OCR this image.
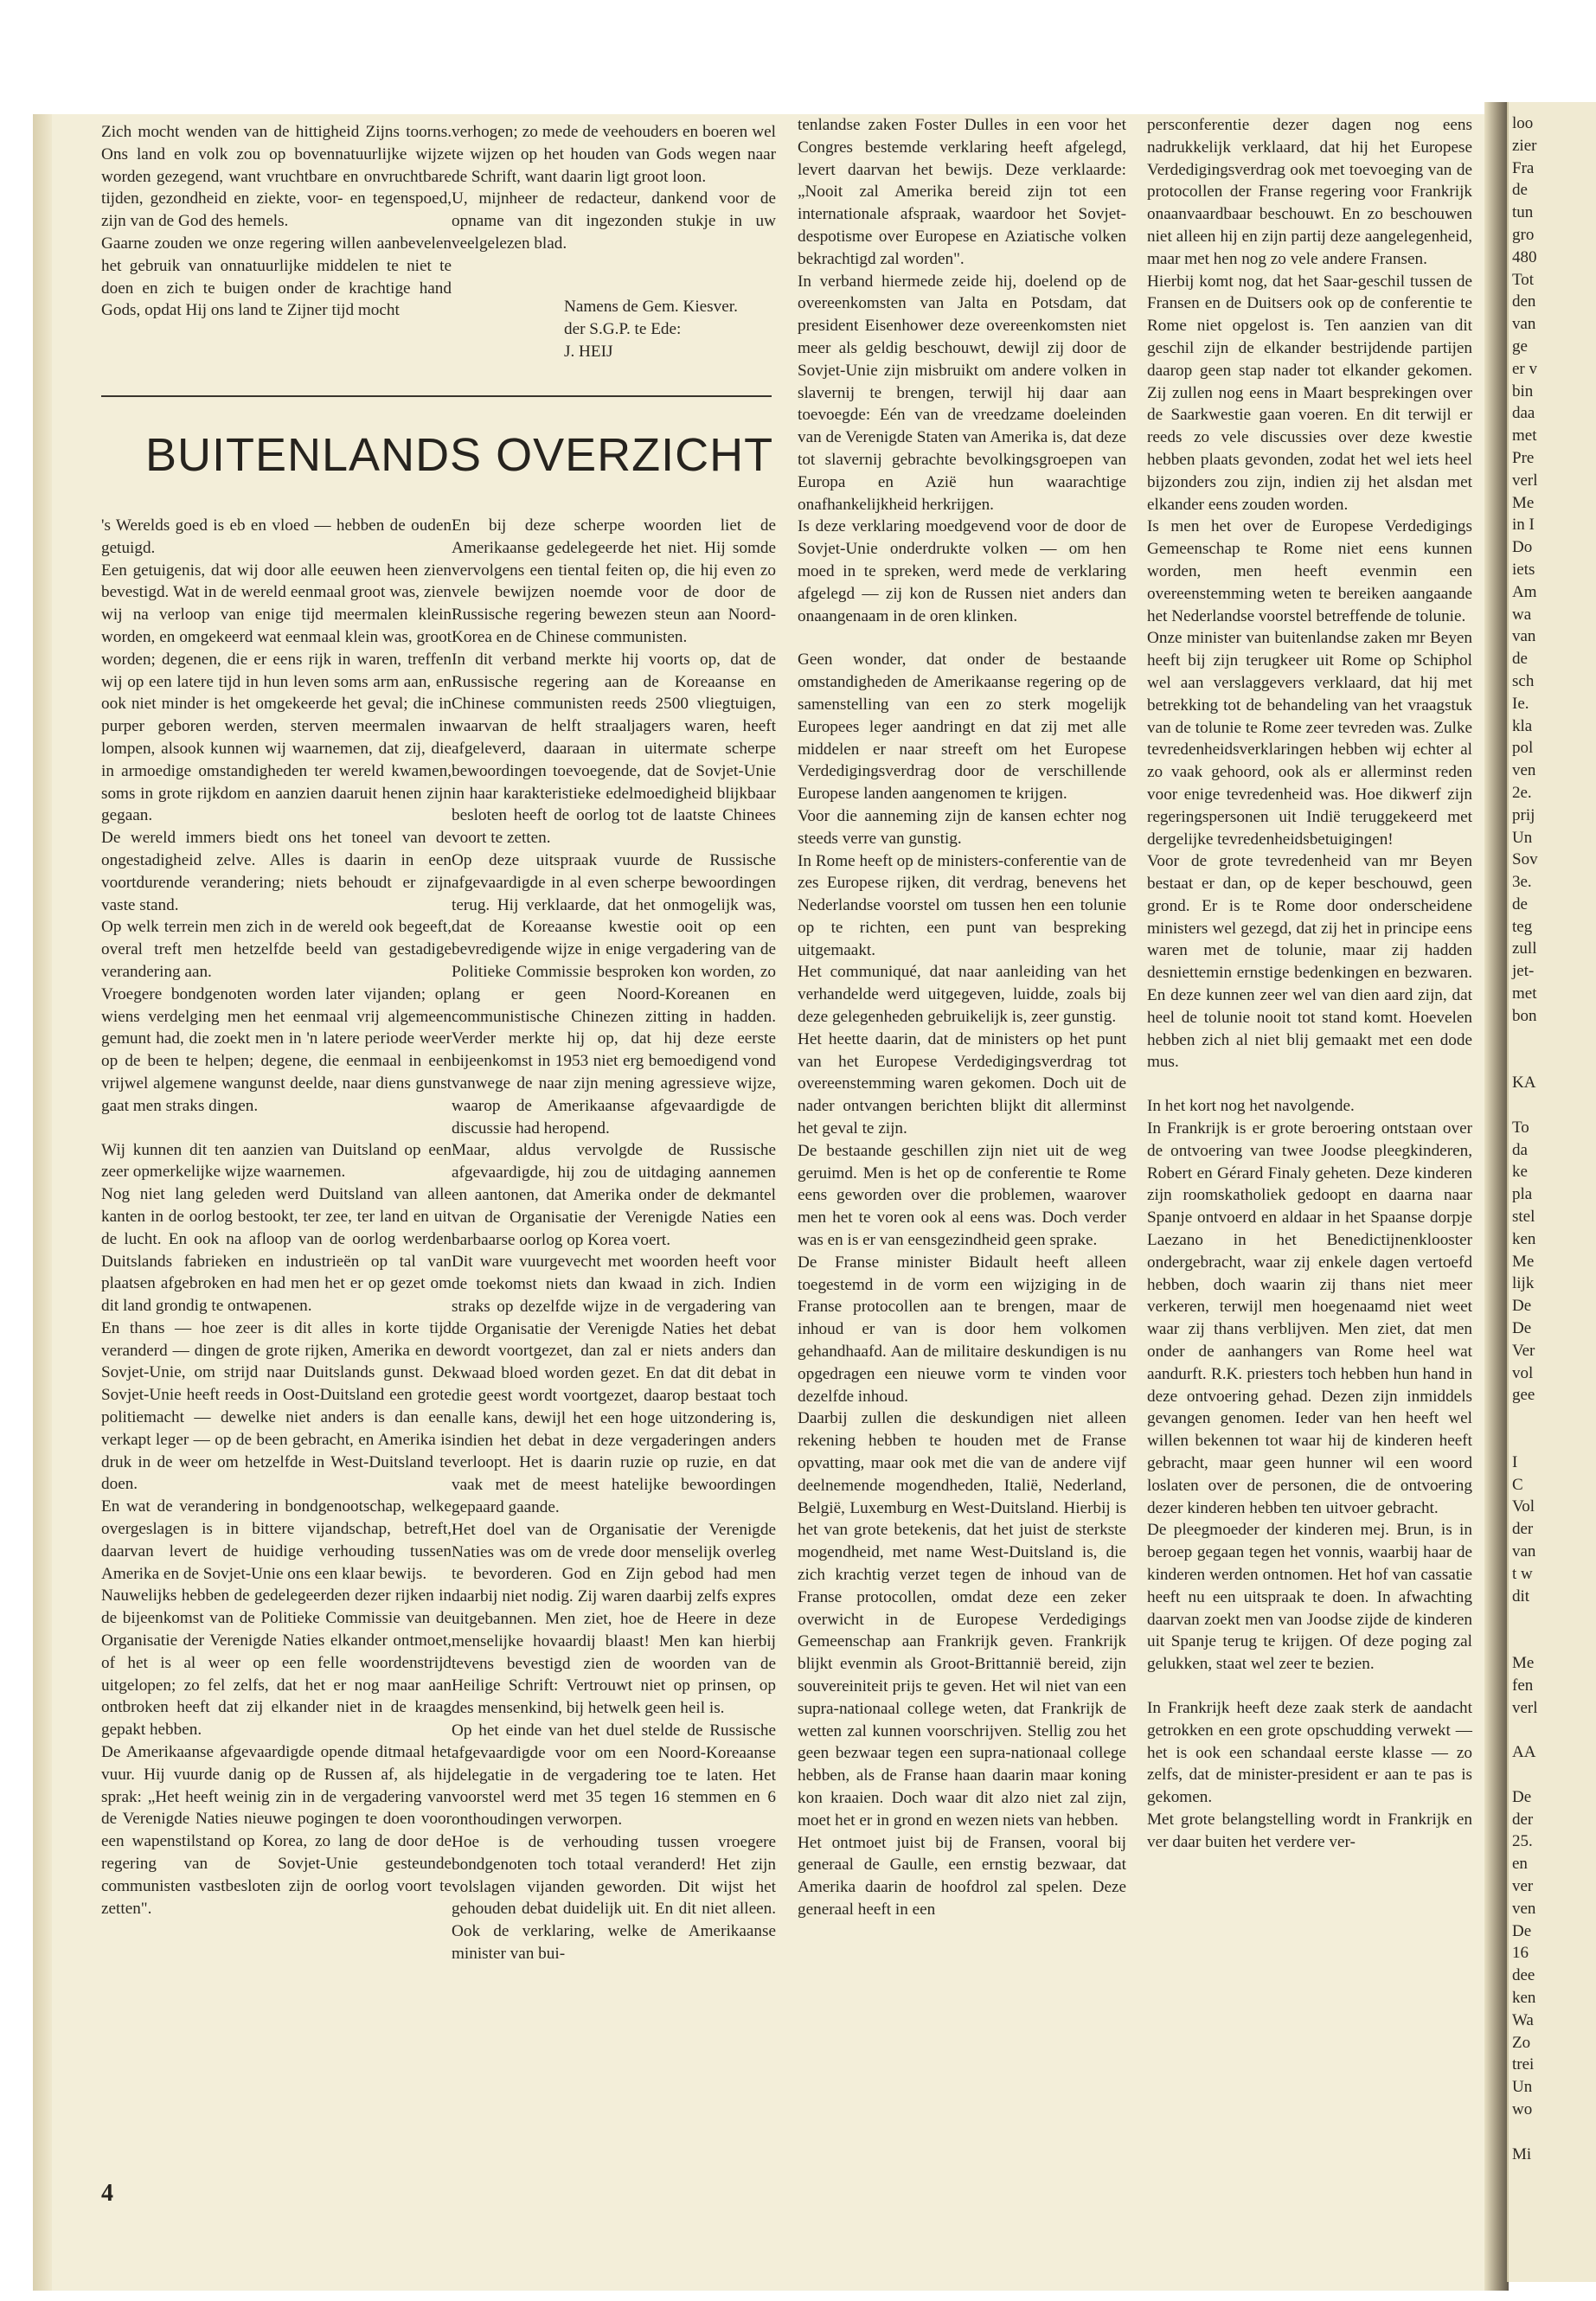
loo
zier
Fra
de
tun
gro
480
Tot
den
van
ge
er v
bin
daa
met
Pre
verl
Me
in I
Do
iets
Am
wa
van
de
sch
Ie.
kla
pol
ven
2e.
prij
Un
Sov
3e.
de
teg
zull
jet-
met
bon

KA

To
da
ke
pla
stel
ken
Me
lijk
De
De
Ver
vol
gee

I
C
Vol
der
van
t w
dit

Me
fen
verl

AA

De
der
25.
en
ver
ven
De
16
dee
ken
Wa
Zo
trei
Un
wo

Mi

Zich mocht wenden van de hittigheid Zijns toorns. Ons land en volk zou op bovennatuurlijke wijze worden gezegend, want vruchtbare en onvruchtbare tijden, gezondheid en ziekte, voor- en tegenspoed, zijn van de God des hemels.

Gaarne zouden we onze regering willen aanbevelen het gebruik van onnatuurlijke middelen te niet te doen en zich te buigen onder de krachtige hand Gods, opdat Hij ons land te Zijner tijd mocht

verhogen; zo mede de veehouders en boeren wel te wijzen op het houden van Gods wegen naar de Schrift, want daarin ligt groot loon.

U, mijnheer de redacteur, dankend voor de opname van dit ingezonden stukje in uw veelgelezen blad.

Namens de Gem. Kiesver.
der S.G.P. te Ede:
J. HEIJ
BUITENLANDS OVERZICHT

's Werelds goed is eb en vloed — hebben de ouden getuigd.

Een getuigenis, dat wij door alle eeuwen heen zien bevestigd. Wat in de wereld eenmaal groot was, zien wij na verloop van enige tijd meermalen klein worden, en omgekeerd wat eenmaal klein was, groot worden; degenen, die er eens rijk in waren, treffen wij op een latere tijd in hun leven soms arm aan, en ook niet minder is het omgekeerde het geval; die in purper geboren werden, sterven meermalen in lompen, alsook kunnen wij waarnemen, dat zij, die in armoedige omstandigheden ter wereld kwamen, soms in grote rijkdom en aanzien daaruit henen zijn gegaan.

De wereld immers biedt ons het toneel van de ongestadigheid zelve. Alles is daarin in een voortdurende verandering; niets behoudt er zijn vaste stand.

Op welk terrein men zich in de wereld ook begeeft, overal treft men hetzelfde beeld van gestadige verandering aan.

Vroegere bondgenoten worden later vijanden; op wiens verdelging men het eenmaal vrij algemeen gemunt had, die zoekt men in 'n latere periode weer op de been te helpen; degene, die eenmaal in een vrijwel algemene wangunst deelde, naar diens gunst gaat men straks dingen.

Wij kunnen dit ten aanzien van Duitsland op een zeer opmerkelijke wijze waarnemen.

Nog niet lang geleden werd Duitsland van alle kanten in de oorlog bestookt, ter zee, ter land en uit de lucht. En ook na afloop van de oorlog werden Duitslands fabrieken en industrieën op tal van plaatsen afgebroken en had men het er op gezet om dit land grondig te ontwapenen.

En thans — hoe zeer is dit alles in korte tijd veranderd — dingen de grote rijken, Amerika en de Sovjet-Unie, om strijd naar Duitslands gunst. De Sovjet-Unie heeft reeds in Oost-Duitsland een grote politiemacht — dewelke niet anders is dan een verkapt leger — op de been gebracht, en Amerika is druk in de weer om hetzelfde in West-Duitsland te doen.

En wat de verandering in bondgenootschap, welke overgeslagen is in bittere vijandschap, betreft, daarvan levert de huidige verhouding tussen Amerika en de Sovjet-Unie ons een klaar bewijs.

Nauwelijks hebben de gedelegeerden dezer rijken in de bijeenkomst van de Politieke Commissie van de Organisatie der Verenigde Naties elkander ontmoet, of het is al weer op een felle woordenstrijd uitgelopen; zo fel zelfs, dat het er nog maar aan ontbroken heeft dat zij elkander niet in de kraag gepakt hebben.

De Amerikaanse afgevaardigde opende ditmaal het vuur. Hij vuurde danig op de Russen af, als hij sprak: „Het heeft weinig zin in de vergadering van de Verenigde Naties nieuwe pogingen te doen voor een wapenstilstand op Korea, zo lang de door de regering van de Sovjet-Unie gesteunde communisten vastbesloten zijn de oorlog voort te zetten".

En bij deze scherpe woorden liet de Amerikaanse gedelegeerde het niet. Hij somde vervolgens een tiental feiten op, die hij even zo vele bewijzen noemde voor de door de Russische regering bewezen steun aan Noord-Korea en de Chinese communisten.

In dit verband merkte hij voorts op, dat de Russische regering aan de Koreaanse en Chinese communisten reeds 2500 vliegtuigen, waarvan de helft straaljagers waren, heeft afgeleverd, daaraan in uitermate scherpe bewoordingen toevoegende, dat de Sovjet-Unie in haar karakteristieke edelmoedigheid blijkbaar besloten heeft de oorlog tot de laatste Chinees voort te zetten.

Op deze uitspraak vuurde de Russische afgevaardigde in al even scherpe bewoordingen terug. Hij verklaarde, dat het onmogelijk was, dat de Koreaanse kwestie ooit op een bevredigende wijze in enige vergadering van de Politieke Commissie besproken kon worden, zo lang er geen Noord-Koreanen en communistische Chinezen zitting in hadden. Verder merkte hij op, dat hij deze eerste bijeenkomst in 1953 niet erg bemoedigend vond vanwege de naar zijn mening agressieve wijze, waarop de Amerikaanse afgevaardigde de discussie had heropend.

Maar, aldus vervolgde de Russische afgevaardigde, hij zou de uitdaging aannemen en aantonen, dat Amerika onder de dekmantel van de Organisatie der Verenigde Naties een barbaarse oorlog op Korea voert.

Dit ware vuurgevecht met woorden heeft voor de toekomst niets dan kwaad in zich. Indien straks op dezelfde wijze in de vergadering van de Organisatie der Verenigde Naties het debat wordt voortgezet, dan zal er niets anders dan kwaad bloed worden gezet. En dat dit debat in die geest wordt voortgezet, daarop bestaat toch alle kans, dewijl het een hoge uitzondering is, indien het debat in deze vergaderingen anders verloopt. Het is daarin ruzie op ruzie, en dat vaak met de meest hatelijke bewoordingen gepaard gaande.

Het doel van de Organisatie der Verenigde Naties was om de vrede door menselijk overleg te bevorderen. God en Zijn gebod had men daarbij niet nodig. Zij waren daarbij zelfs expres uitgebannen. Men ziet, hoe de Heere in deze menselijke hovaardij blaast! Men kan hierbij tevens bevestigd zien de woorden van de Heilige Schrift: Vertrouwt niet op prinsen, op des mensenkind, bij hetwelk geen heil is.

Op het einde van het duel stelde de Russische afgevaardigde voor om een Noord-Koreaanse delegatie in de vergadering toe te laten. Het voorstel werd met 35 tegen 16 stemmen en 6 onthoudingen verworpen.

Hoe is de verhouding tussen vroegere bondgenoten toch totaal veranderd! Het zijn volslagen vijanden geworden. Dit wijst het gehouden debat duidelijk uit. En dit niet alleen. Ook de verklaring, welke de Amerikaanse minister van bui-

tenlandse zaken Foster Dulles in een voor het Congres bestemde verklaring heeft afgelegd, levert daarvan het bewijs. Deze verklaarde: „Nooit zal Amerika bereid zijn tot een internationale afspraak, waardoor het Sovjet-despotisme over Europese en Aziatische volken bekrachtigd zal worden".

In verband hiermede zeide hij, doelend op de overeenkomsten van Jalta en Potsdam, dat president Eisenhower deze overeenkomsten niet meer als geldig beschouwt, dewijl zij door de Sovjet-Unie zijn misbruikt om andere volken in slavernij te brengen, terwijl hij daar aan toevoegde: Eén van de vreedzame doeleinden van de Verenigde Staten van Amerika is, dat deze tot slavernij gebrachte bevolkingsgroepen van Europa en Azië hun waarachtige onafhankelijkheid herkrijgen.

Is deze verklaring moedgevend voor de door de Sovjet-Unie onderdrukte volken — om hen moed in te spreken, werd mede de verklaring afgelegd — zij kon de Russen niet anders dan onaangenaam in de oren klinken.

Geen wonder, dat onder de bestaande omstandigheden de Amerikaanse regering op de samenstelling van een zo sterk mogelijk Europees leger aandringt en dat zij met alle middelen er naar streeft om het Europese Verdedigingsverdrag door de verschillende Europese landen aangenomen te krijgen.

Voor die aanneming zijn de kansen echter nog steeds verre van gunstig.

In Rome heeft op de ministers-conferentie van de zes Europese rijken, dit verdrag, benevens het Nederlandse voorstel om tussen hen een tolunie op te richten, een punt van bespreking uitgemaakt.

Het communiqué, dat naar aanleiding van het verhandelde werd uitgegeven, luidde, zoals bij deze gelegenheden gebruikelijk is, zeer gunstig.

Het heette daarin, dat de ministers op het punt van het Europese Verdedigingsverdrag tot overeenstemming waren gekomen. Doch uit de nader ontvangen berichten blijkt dit allerminst het geval te zijn.

De bestaande geschillen zijn niet uit de weg geruimd. Men is het op de conferentie te Rome eens geworden over die problemen, waarover men het te voren ook al eens was. Doch verder was en is er van eensgezindheid geen sprake.

De Franse minister Bidault heeft alleen toegestemd in de vorm een wijziging in de Franse protocollen aan te brengen, maar de inhoud er van is door hem volkomen gehandhaafd. Aan de militaire deskundigen is nu opgedragen een nieuwe vorm te vinden voor dezelfde inhoud.

Daarbij zullen die deskundigen niet alleen rekening hebben te houden met de Franse opvatting, maar ook met die van de andere vijf deelnemende mogendheden, Italië, Nederland, België, Luxemburg en West-Duitsland. Hierbij is het van grote betekenis, dat het juist de sterkste mogendheid, met name West-Duitsland is, die zich krachtig verzet tegen de inhoud van de Franse protocollen, omdat deze een zeker overwicht in de Europese Verdedigings Gemeenschap aan Frankrijk geven. Frankrijk blijkt evenmin als Groot-Brittannië bereid, zijn souvereiniteit prijs te geven. Het wil niet van een supra-nationaal college weten, dat Frankrijk de wetten zal kunnen voorschrijven. Stellig zou het geen bezwaar tegen een supra-nationaal college hebben, als de Franse haan daarin maar koning kon kraaien. Doch waar dit alzo niet zal zijn, moet het er in grond en wezen niets van hebben.

Het ontmoet juist bij de Fransen, vooral bij generaal de Gaulle, een ernstig bezwaar, dat Amerika daarin de hoofdrol zal spelen. Deze generaal heeft in een

persconferentie dezer dagen nog eens nadrukkelijk verklaard, dat hij het Europese Verdedigingsverdrag ook met toevoeging van de protocollen der Franse regering voor Frankrijk onaanvaardbaar beschouwt. En zo beschouwen niet alleen hij en zijn partij deze aangelegenheid, maar met hen nog zo vele andere Fransen.

Hierbij komt nog, dat het Saar-geschil tussen de Fransen en de Duitsers ook op de conferentie te Rome niet opgelost is. Ten aanzien van dit geschil zijn de elkander bestrijdende partijen daarop geen stap nader tot elkander gekomen. Zij zullen nog eens in Maart besprekingen over de Saarkwestie gaan voeren. En dit terwijl er reeds zo vele discussies over deze kwestie hebben plaats gevonden, zodat het wel iets heel bijzonders zou zijn, indien zij het alsdan met elkander eens zouden worden.

Is men het over de Europese Verdedigings Gemeenschap te Rome niet eens kunnen worden, men heeft evenmin een overeenstemming weten te bereiken aangaande het Nederlandse voorstel betreffende de tolunie.

Onze minister van buitenlandse zaken mr Beyen heeft bij zijn terugkeer uit Rome op Schiphol wel aan verslaggevers verklaard, dat hij met betrekking tot de behandeling van het vraagstuk van de tolunie te Rome zeer tevreden was. Zulke tevredenheidsverklaringen hebben wij echter al zo vaak gehoord, ook als er allerminst reden voor enige tevredenheid was. Hoe dikwerf zijn regeringspersonen uit Indië teruggekeerd met dergelijke tevredenheidsbetuigingen!

Voor de grote tevredenheid van mr Beyen bestaat er dan, op de keper beschouwd, geen grond. Er is te Rome door onderscheidene ministers wel gezegd, dat zij het in principe eens waren met de tolunie, maar zij hadden desniettemin ernstige bedenkingen en bezwaren. En deze kunnen zeer wel van dien aard zijn, dat heel de tolunie nooit tot stand komt. Hoevelen hebben zich al niet blij gemaakt met een dode mus.

In het kort nog het navolgende.

In Frankrijk is er grote beroering ontstaan over de ontvoering van twee Joodse pleegkinderen, Robert en Gérard Finaly geheten. Deze kinderen zijn roomskatholiek gedoopt en daarna naar Spanje ontvoerd en aldaar in het Spaanse dorpje Laezano in het Benedictijnenklooster ondergebracht, waar zij enkele dagen vertoefd hebben, doch waarin zij thans niet meer verkeren, terwijl men hoegenaamd niet weet waar zij thans verblijven. Men ziet, dat men onder de aanhangers van Rome heel wat aandurft. R.K. priesters toch hebben hun hand in deze ontvoering gehad. Dezen zijn inmiddels gevangen genomen. Ieder van hen heeft wel willen bekennen tot waar hij de kinderen heeft gebracht, maar geen hunner wil een woord loslaten over de personen, die de ontvoering dezer kinderen hebben ten uitvoer gebracht.

De pleegmoeder der kinderen mej. Brun, is in beroep gegaan tegen het vonnis, waarbij haar de kinderen werden ontnomen. Het hof van cassatie heeft nu een uitspraak te doen. In afwachting daarvan zoekt men van Joodse zijde de kinderen uit Spanje terug te krijgen. Of deze poging zal gelukken, staat wel zeer te bezien.

In Frankrijk heeft deze zaak sterk de aandacht getrokken en een grote opschudding verwekt — het is ook een schandaal eerste klasse — zo zelfs, dat de minister-president er aan te pas is gekomen.

Met grote belangstelling wordt in Frankrijk en ver daar buiten het verdere ver-

4
